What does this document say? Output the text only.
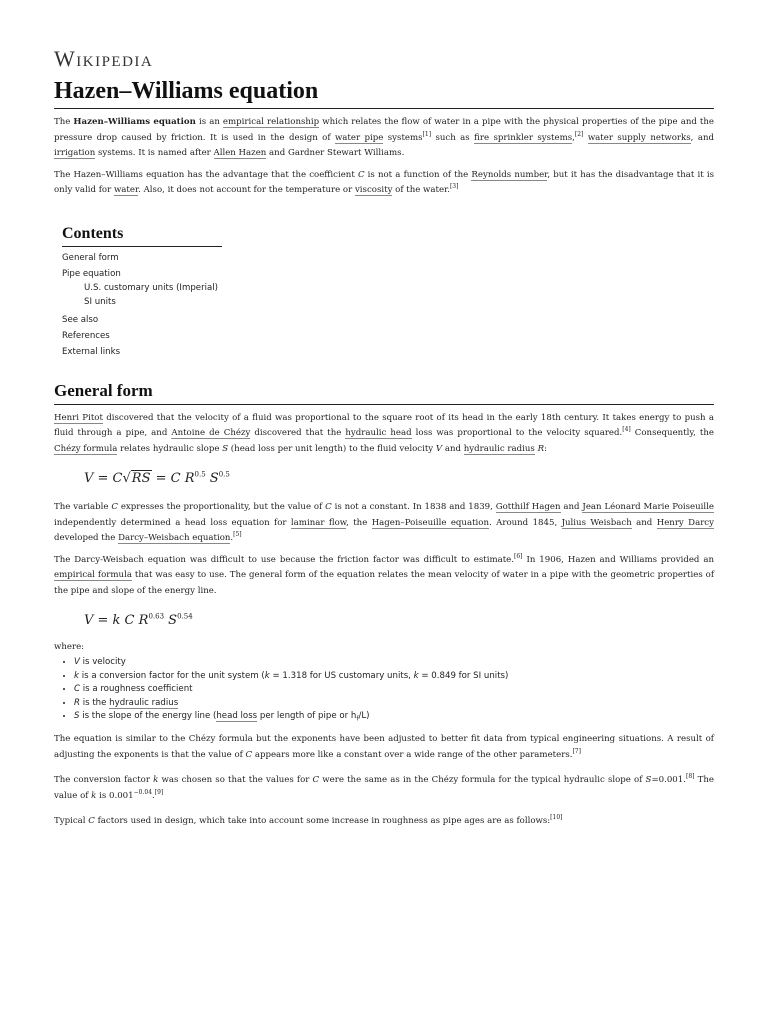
Wikipedia
Hazen–Williams equation

The Hazen–Williams equation is an empirical relationship which relates the flow of water in a pipe with the physical properties of the pipe and the pressure drop caused by friction. It is used in the design of water pipe systems[1] such as fire sprinkler systems,[2] water supply networks, and irrigation systems. It is named after Allen Hazen and Gardner Stewart Williams.

The Hazen–Williams equation has the advantage that the coefficient C is not a function of the Reynolds number, but it has the disadvantage that it is only valid for water. Also, it does not account for the temperature or viscosity of the water.[3]

Contents
General form
Pipe equation
U.S. customary units (Imperial)
SI units
See also
References
External links
General form

Henri Pitot discovered that the velocity of a fluid was proportional to the square root of its head in the early 18th century. It takes energy to push a fluid through a pipe, and Antoine de Chézy discovered that the hydraulic head loss was proportional to the velocity squared.[4] Consequently, the Chézy formula relates hydraulic slope S (head loss per unit length) to the fluid velocity V and hydraulic radius R:

V = C√RS = C $R^{0.5}$ $S^{0.5}$

The variable C expresses the proportionality, but the value of C is not a constant. In 1838 and 1839, Gotthilf Hagen and Jean Léonard Marie Poiseuille independently determined a head loss equation for laminar flow, the Hagen–Poiseuille equation. Around 1845, Julius Weisbach and Henry Darcy developed the Darcy–Weisbach equation.[5]

The Darcy-Weisbach equation was difficult to use because the friction factor was difficult to estimate.[6] In 1906, Hazen and Williams provided an empirical formula that was easy to use. The general form of the equation relates the mean velocity of water in a pipe with the geometric properties of the pipe and slope of the energy line.

V = k C $R^{0.63}$ $S^{0.54}$
where:
• V is velocity
• k is a conversion factor for the unit system (k = 1.318 for US customary units, k = 0.849 for SI units)
• C is a roughness coefficient
• R is the hydraulic radius
• S is the slope of the energy line (head loss per length of pipe or $h_f/L$)

The equation is similar to the Chézy formula but the exponents have been adjusted to better fit data from typical engineering situations. A result of adjusting the exponents is that the value of C appears more like a constant over a wide range of the other parameters.[7]

The conversion factor k was chosen so that the values for C were the same as in the Chézy formula for the typical hydraulic slope of S=0.001.[8] The value of k is $0.001^{-0.04}.[9]$

Typical C factors used in design, which take into account some increase in roughness as pipe ages are as follows:[10]
